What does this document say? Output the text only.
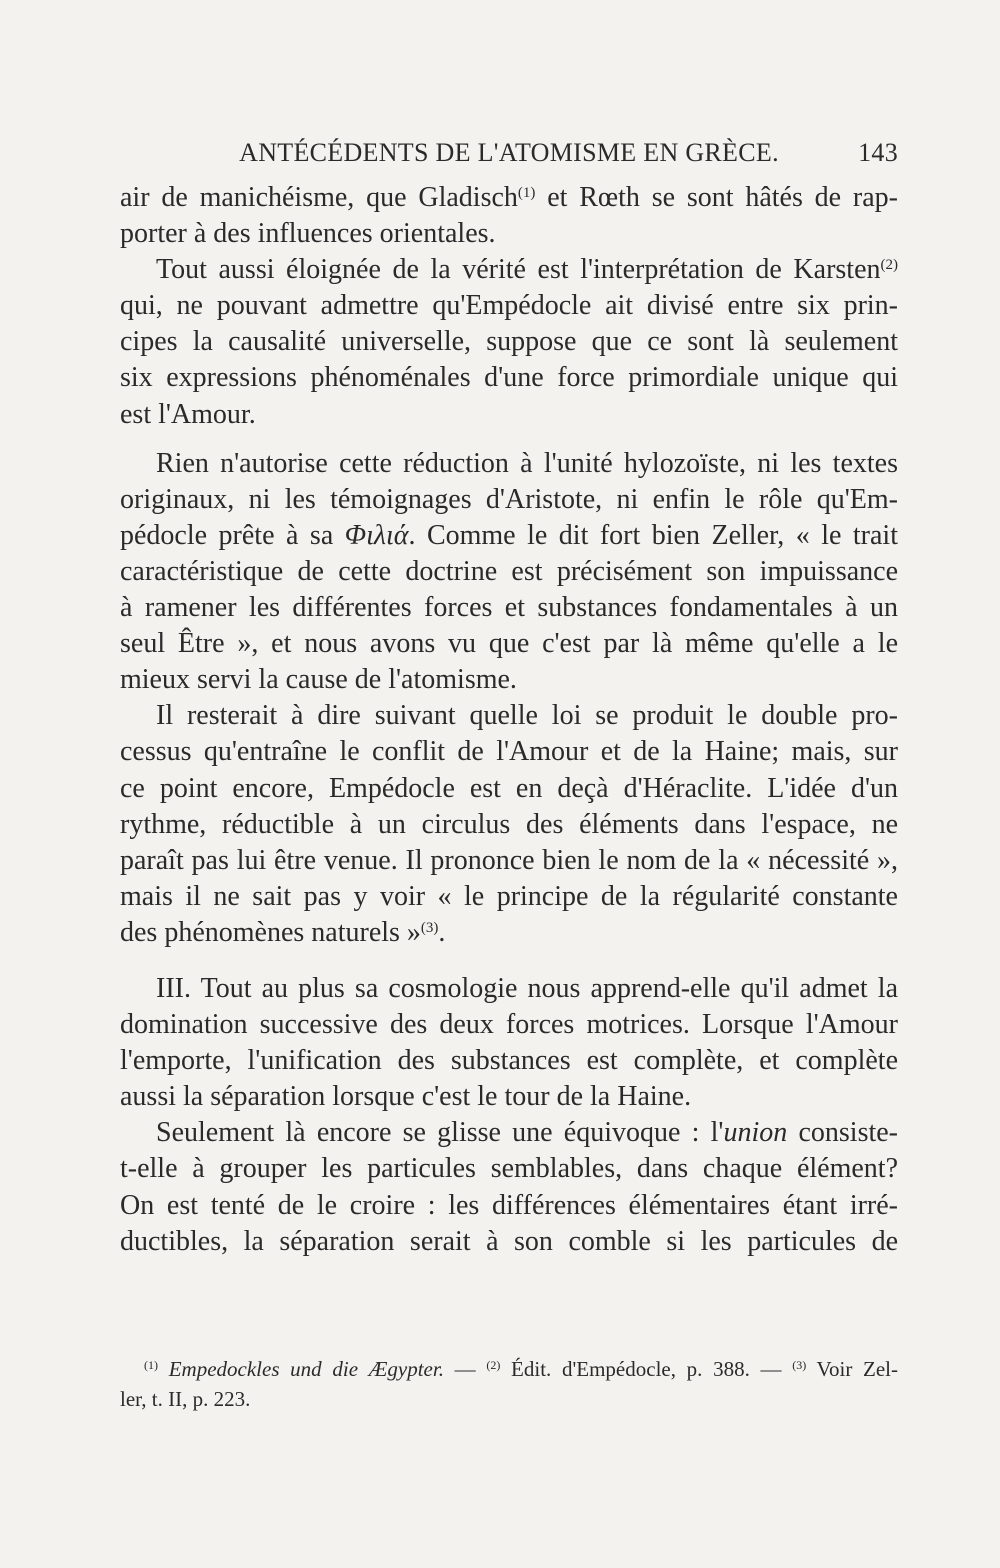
ANTÉCÉDENTS DE L'ATOMISME EN GRÈCE.	143
air de manichéisme, que Gladisch$^{(1)}$ et Rœth se sont hâtés de rap-
porter à des influences orientales.
Tout aussi éloignée de la vérité est l'interprétation de Karsten$^{(2)}$
qui, ne pouvant admettre qu'Empédocle ait divisé entre six prin-
cipes la causalité universelle, suppose que ce sont là seulement
six expressions phénoménales d'une force primordiale unique qui
est l'Amour.
Rien n'autorise cette réduction à l'unité hylozoïste, ni les textes
originaux, ni les témoignages d'Aristote, ni enfin le rôle qu'Em-
pédocle prête à sa Φιλιά. Comme le dit fort bien Zeller, « le trait
caractéristique de cette doctrine est précisément son impuissance
à ramener les différentes forces et substances fondamentales à un
seul Être », et nous avons vu que c'est par là même qu'elle a le
mieux servi la cause de l'atomisme.
Il resterait à dire suivant quelle loi se produit le double pro-
cessus qu'entraîne le conflit de l'Amour et de la Haine; mais, sur
ce point encore, Empédocle est en deçà d'Héraclite. L'idée d'un
rythme, réductible à un circulus des éléments dans l'espace, ne
paraît pas lui être venue. Il prononce bien le nom de la « nécessité »,
mais il ne sait pas y voir « le principe de la régularité constante
des phénomènes naturels »$^{(3)}$.
III. Tout au plus sa cosmologie nous apprend-elle qu'il admet la
domination successive des deux forces motrices. Lorsque l'Amour
l'emporte, l'unification des substances est complète, et complète
aussi la séparation lorsque c'est le tour de la Haine.
Seulement là encore se glisse une équivoque : l'union consiste-
t-elle à grouper les particules semblables, dans chaque élément?
On est tenté de le croire : les différences élémentaires étant irré-
ductibles, la séparation serait à son comble si les particules de
$^{(1)}$ Empedockles und die Ægypter. — $^{(2)}$ Édit. d'Empédocle, p. 388. — $^{(3)}$ Voir Zel-
ler, t. II, p. 223.
